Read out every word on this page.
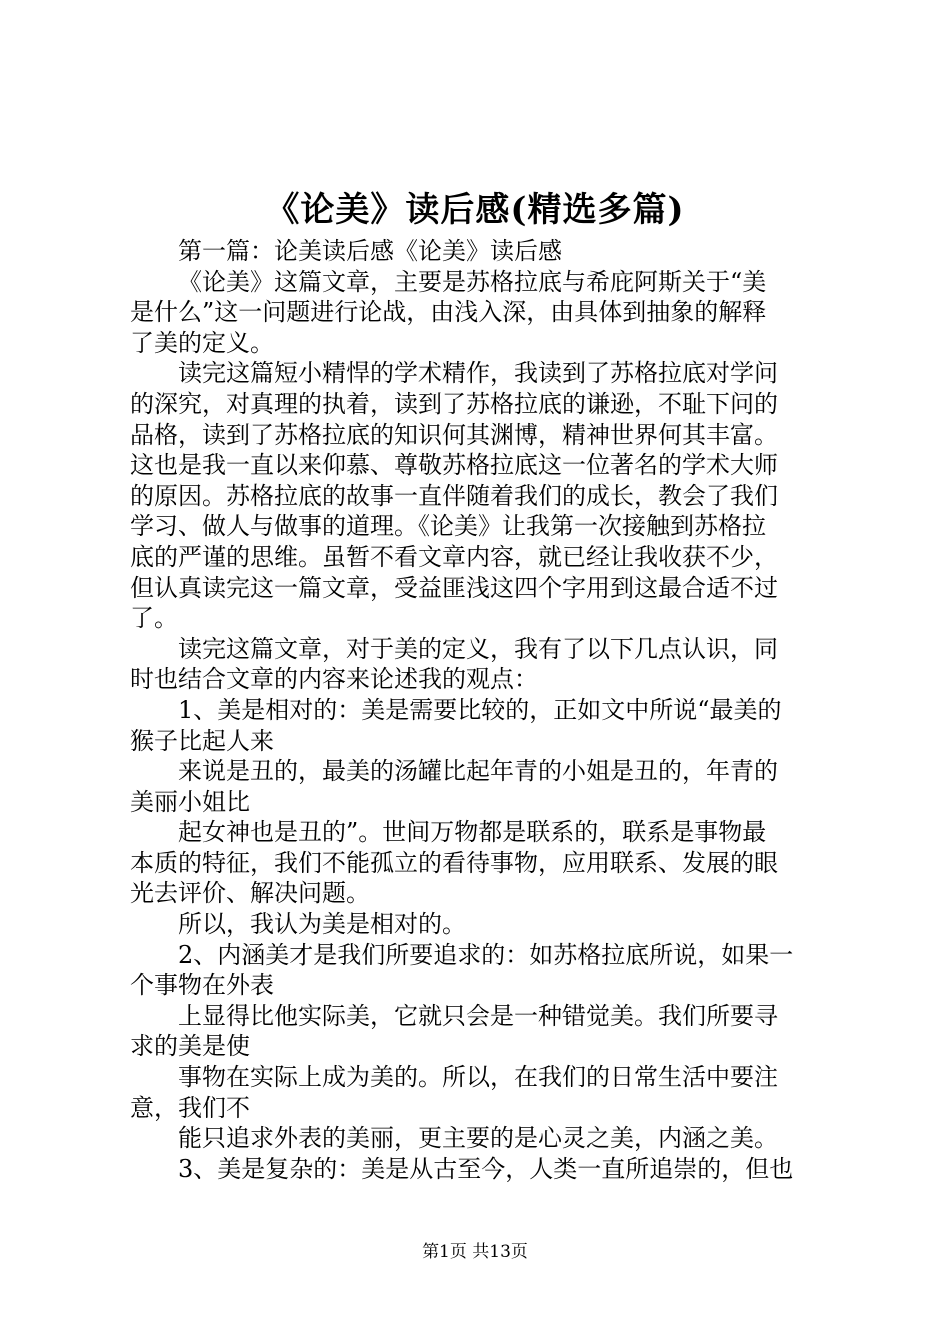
《论美》读后感(精选多篇)
第一篇：论美读后感《论美》读后感
《论美》这篇文章，主要是苏格拉底与希庇阿斯关于“美
是什么”这一问题进行论战，由浅入深，由具体到抽象的解释
了美的定义。
读完这篇短小精悍的学术精作，我读到了苏格拉底对学问
的深究，对真理的执着，读到了苏格拉底的谦逊，不耻下问的
品格，读到了苏格拉底的知识何其渊博，精神世界何其丰富。
这也是我一直以来仰慕、尊敬苏格拉底这一位著名的学术大师
的原因。苏格拉底的故事一直伴随着我们的成长，教会了我们
学习、做人与做事的道理。《论美》让我第一次接触到苏格拉
底的严谨的思维。虽暂不看文章内容，就已经让我收获不少，
但认真读完这一篇文章，受益匪浅这四个字用到这最合适不过
了。
读完这篇文章，对于美的定义，我有了以下几点认识，同
时也结合文章的内容来论述我的观点：
1、美是相对的：美是需要比较的，正如文中所说“最美的
猴子比起人来
来说是丑的，最美的汤罐比起年青的小姐是丑的，年青的
美丽小姐比
起女神也是丑的”。世间万物都是联系的，联系是事物最
本质的特征，我们不能孤立的看待事物，应用联系、发展的眼
光去评价、解决问题。
所以，我认为美是相对的。
2、内涵美才是我们所要追求的：如苏格拉底所说，如果一
个事物在外表
上显得比他实际美，它就只会是一种错觉美。我们所要寻
求的美是使
事物在实际上成为美的。所以，在我们的日常生活中要注
意，我们不
能只追求外表的美丽，更主要的是心灵之美，内涵之美。
3、美是复杂的：美是从古至今，人类一直所追崇的，但也
第1页 共13页
